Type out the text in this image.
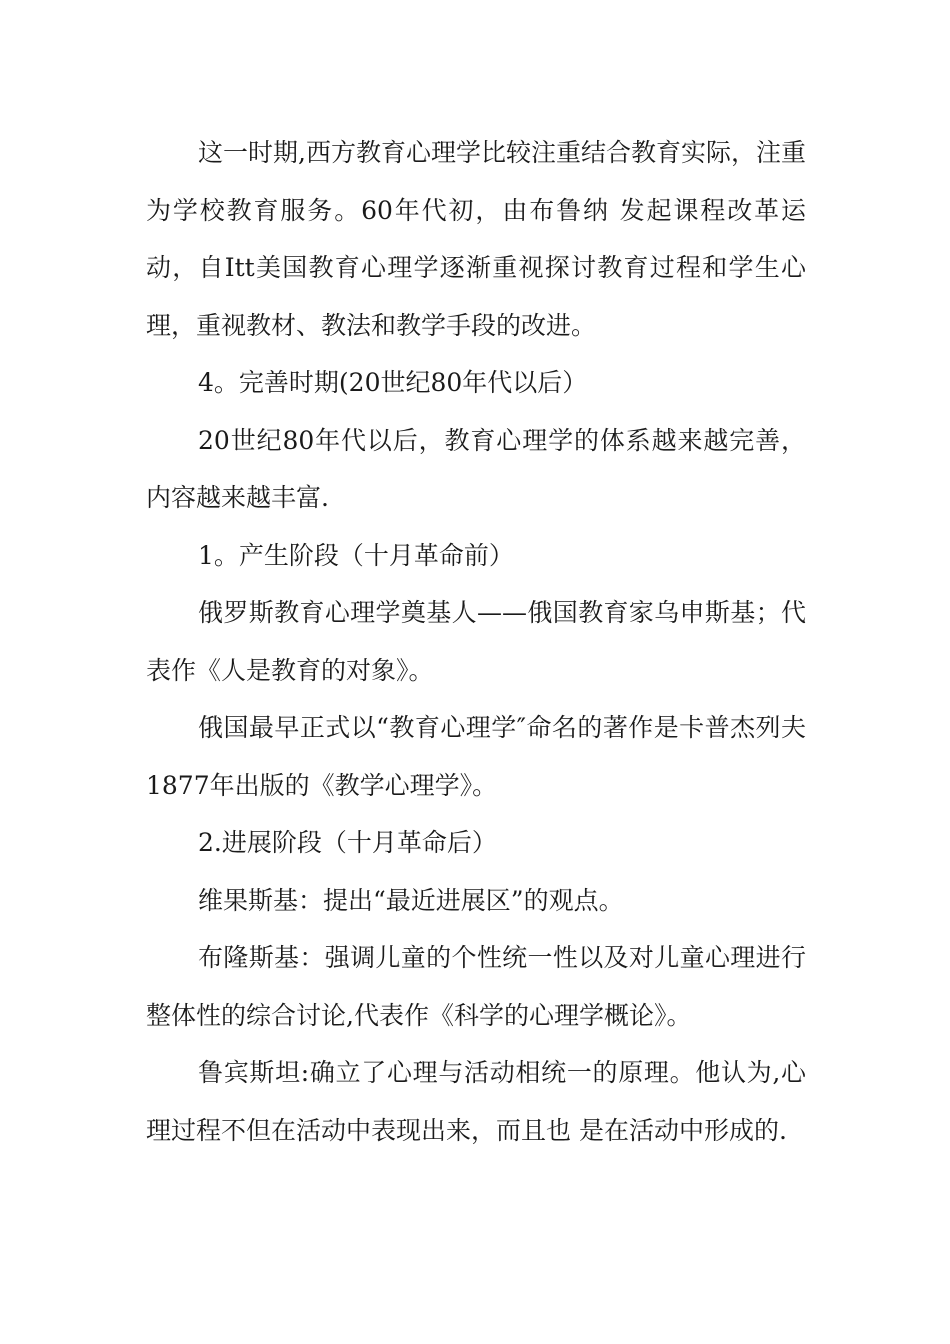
这一时期,西方教育心理学比较注重结合教育实际，注重为学校教育服务。60年代初，由布鲁纳 发起课程改革运动，自Itt美国教育心理学逐渐重视探讨教育过程和学生心理，重视教材、教法和教学手段的改进。

4。完善时期(20世纪80年代以后）

20世纪80年代以后，教育心理学的体系越来越完善，内容越来越丰富.

1。产生阶段（十月革命前）

俄罗斯教育心理学奠基人——俄国教育家乌申斯基；代表作《人是教育的对象》。

俄国最早正式以“教育心理学″命名的著作是卡普杰列夫1877年出版的《教学心理学》。

2.进展阶段（十月革命后）

维果斯基：提出“最近进展区”的观点。

布隆斯基：强调儿童的个性统一性以及对儿童心理进行整体性的综合讨论,代表作《科学的心理学概论》。

鲁宾斯坦:确立了心理与活动相统一的原理。他认为,心理过程不但在活动中表现出来，而且也 是在活动中形成的.
